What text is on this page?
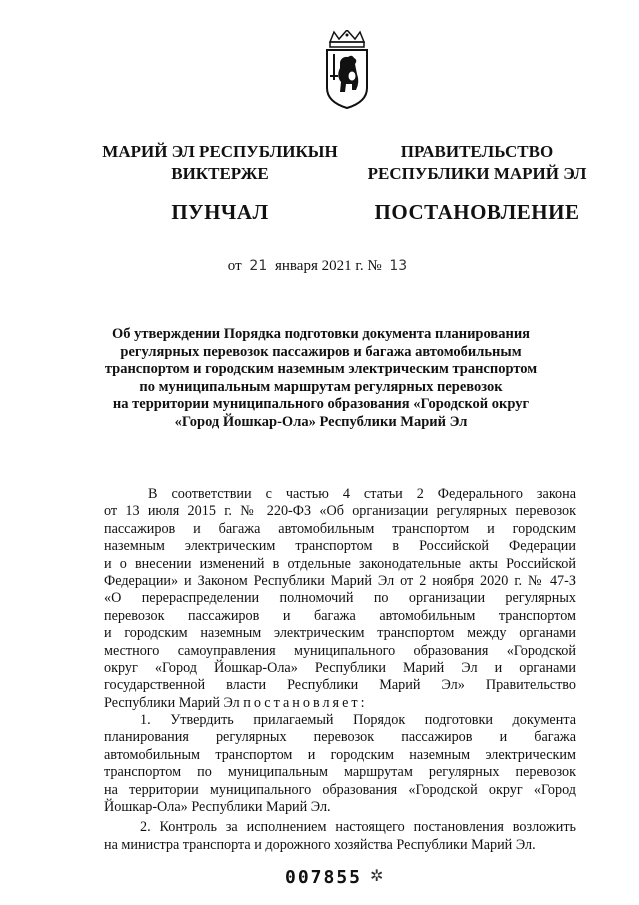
МАРИЙ ЭЛ РЕСПУБЛИКЫН
ВИКТЕРЖЕ
ПУНЧАЛ
ПРАВИТЕЛЬСТВО
РЕСПУБЛИКИ МАРИЙ ЭЛ
ПОСТАНОВЛЕНИЕ
от 21 января 2021 г. № 13
Об утверждении Порядка подготовки документа планирования
регулярных перевозок пассажиров и багажа автомобильным
транспортом и городским наземным электрическим транспортом
по муниципальным маршрутам регулярных перевозок
на территории муниципального образования «Городской округ
«Город Йошкар-Ола» Республики Марий Эл
В соответствии с частью 4 статьи 2 Федерального закона
от 13 июля 2015 г. № 220-ФЗ «Об организации регулярных перевозок
пассажиров и багажа автомобильным транспортом и городским
наземным электрическим транспортом в Российской Федерации
и о внесении изменений в отдельные законодательные акты Российской
Федерации» и Законом Республики Марий Эл от 2 ноября 2020 г. № 47-З
«О перераспределении полномочий по организации регулярных
перевозок пассажиров и багажа автомобильным транспортом
и городским наземным электрическим транспортом между органами
местного самоуправления муниципального образования «Городской
округ «Город Йошкар-Ола» Республики Марий Эл и органами
государственной власти Республики Марий Эл» Правительство
Республики Марий Эл постановляет:
1. Утвердить прилагаемый Порядок подготовки документа
планирования регулярных перевозок пассажиров и багажа
автомобильным транспортом и городским наземным электрическим
транспортом по муниципальным маршрутам регулярных перевозок
на территории муниципального образования «Городской округ «Город
Йошкар-Ола» Республики Марий Эл.
2. Контроль за исполнением настоящего постановления возложить
на министра транспорта и дорожного хозяйства Республики Марий Эл.
007855 ✲
